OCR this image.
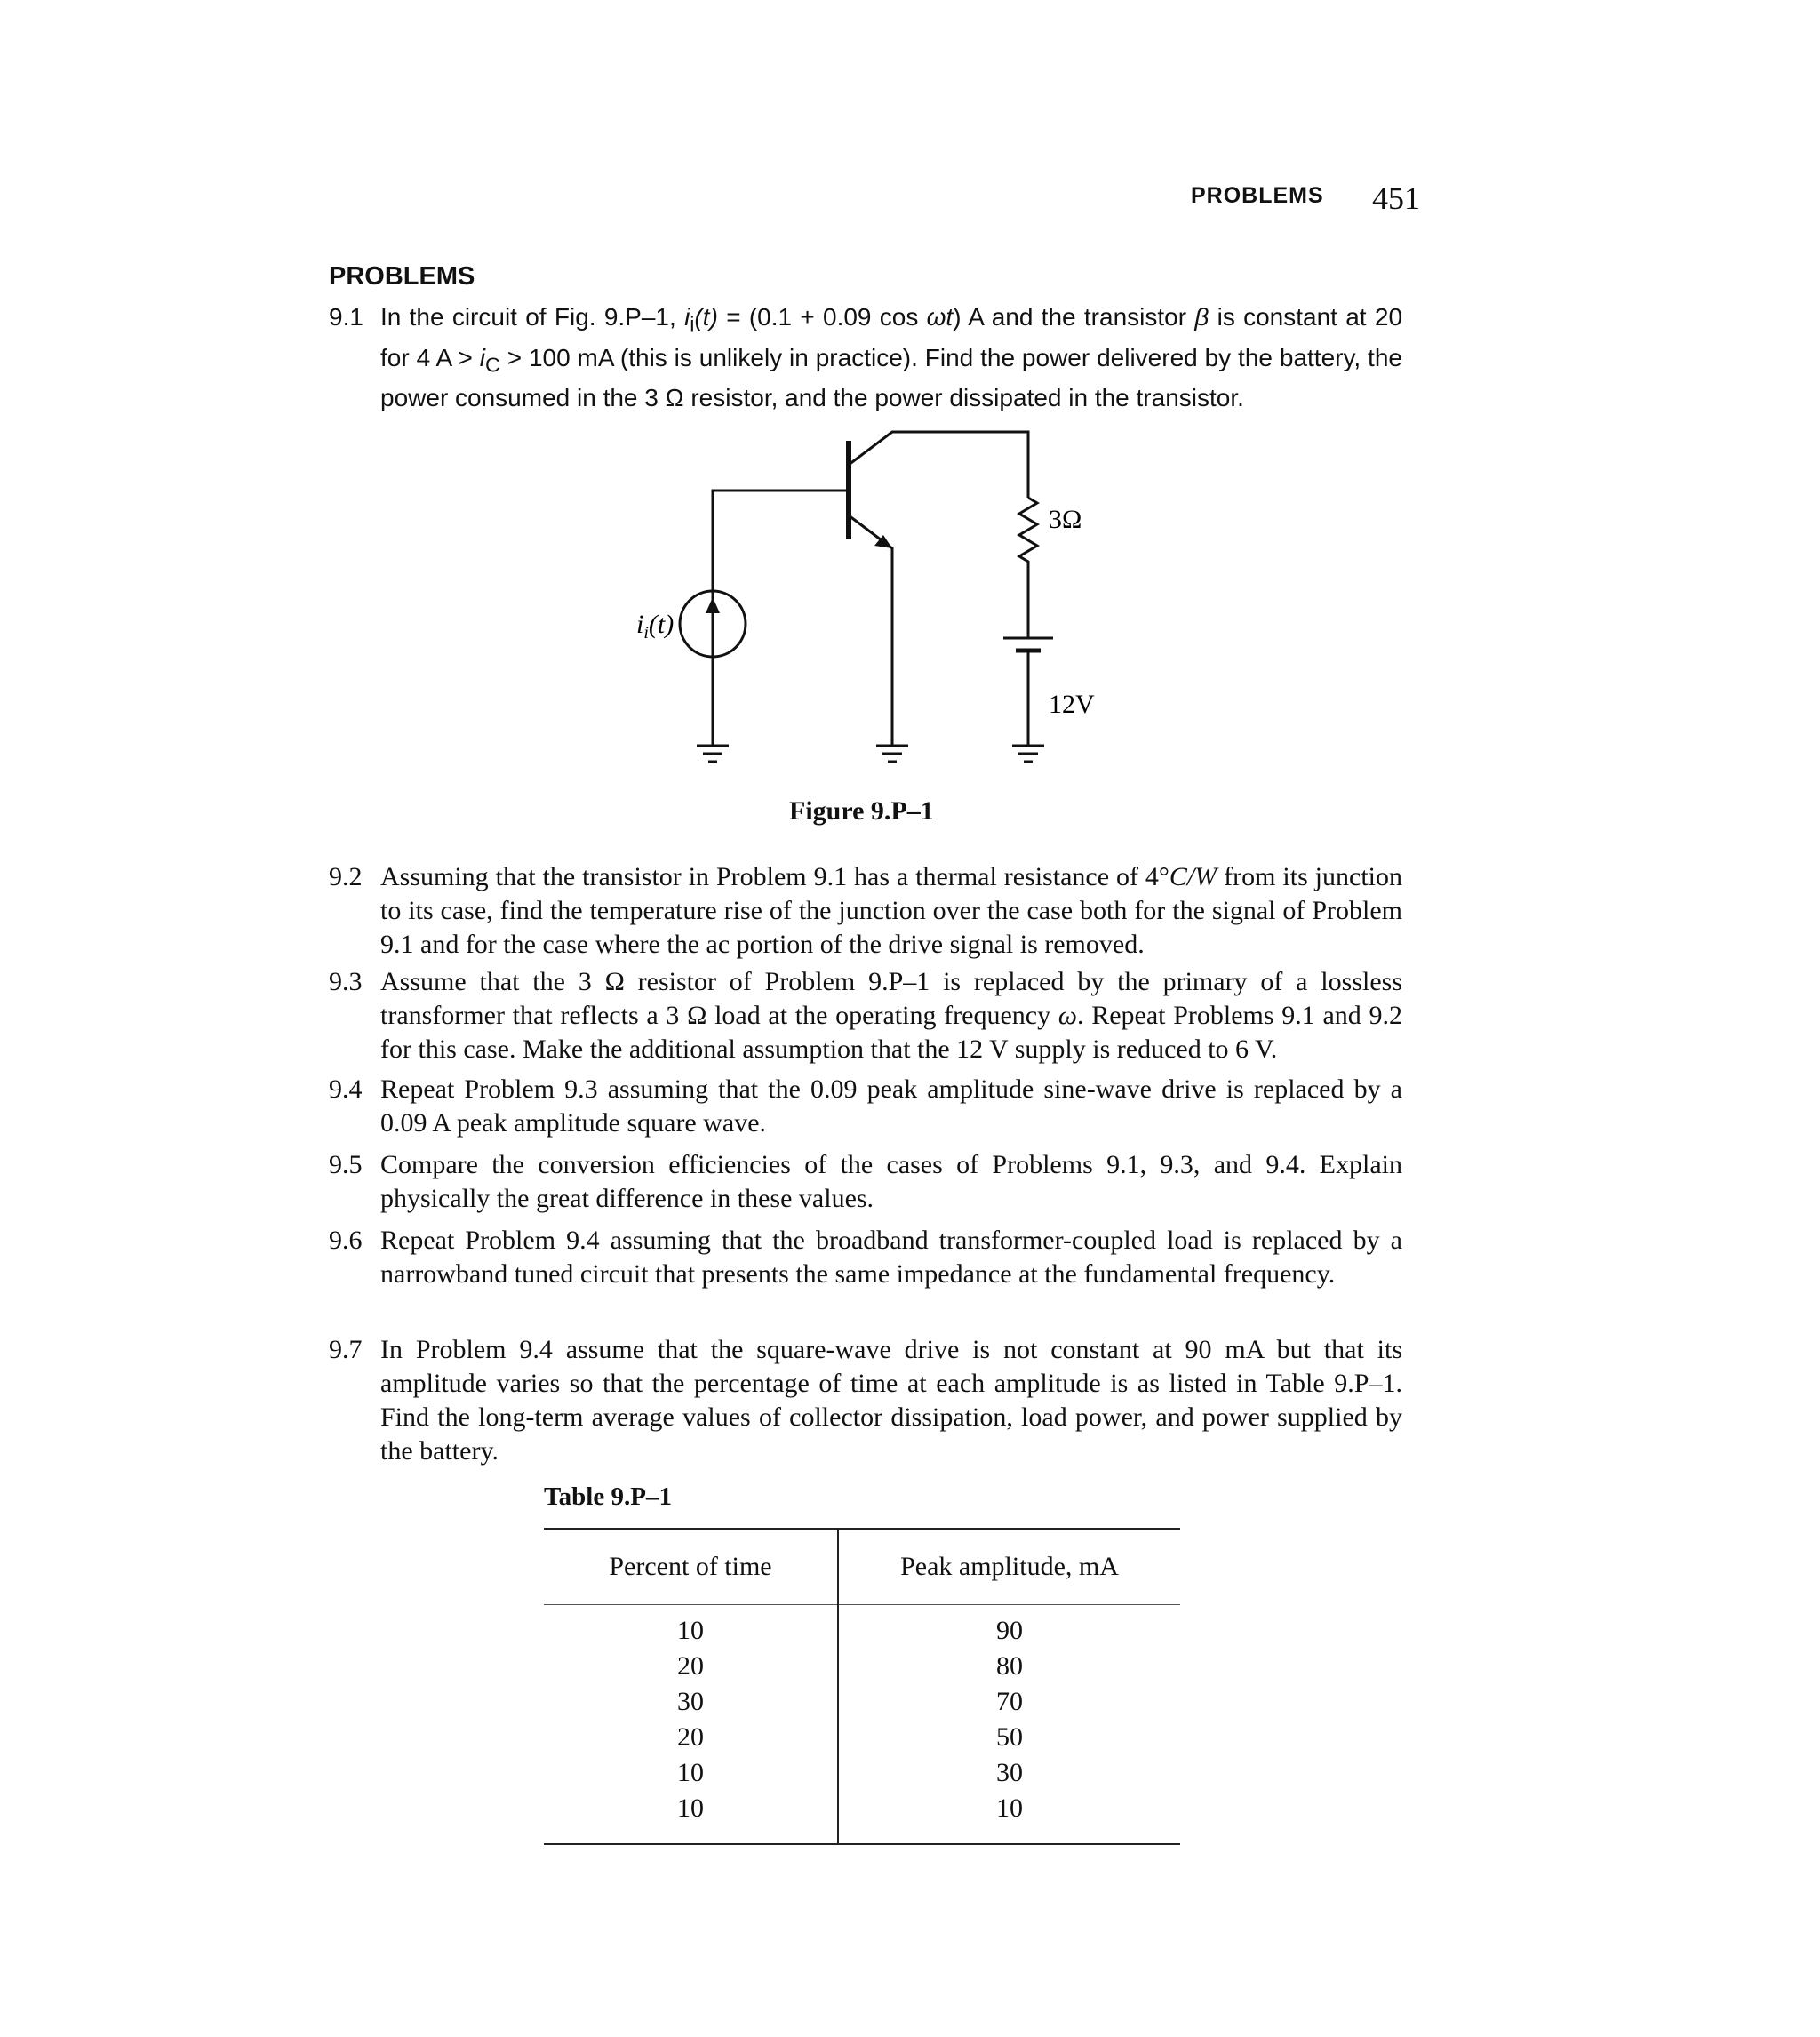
PROBLEMS 451
PROBLEMS
9.1 In the circuit of Fig. 9.P–1, $i_i(t) = (0.1 + 0.09$ cos ωt) A and the transistor β is constant at 20 for 4 $A > i_C > 100$ mA (this is unlikely in practice). Find the power delivered by the battery, the power consumed in the 3 Ω resistor, and the power dissipated in the transistor.
$i_i(t)$
3Ω
12V
Figure 9.P–1
9.2 Assuming that the transistor in Problem 9.1 has a thermal resistance of 4°C/W from its junction to its case, find the temperature rise of the junction over the case both for the signal of Problem 9.1 and for the case where the ac portion of the drive signal is removed.
9.3 Assume that the 3 Ω resistor of Problem 9.P–1 is replaced by the primary of a lossless transformer that reflects a 3 Ω load at the operating frequency ω. Repeat Problems 9.1 and 9.2 for this case. Make the additional assumption that the 12 V supply is reduced to 6 V.
9.4 Repeat Problem 9.3 assuming that the 0.09 peak amplitude sine-wave drive is replaced by a 0.09 A peak amplitude square wave.
9.5 Compare the conversion efficiencies of the cases of Problems 9.1, 9.3, and 9.4. Explain physically the great difference in these values.
9.6 Repeat Problem 9.4 assuming that the broadband transformer-coupled load is replaced by a narrowband tuned circuit that presents the same impedance at the fundamental frequency.
9.7 In Problem 9.4 assume that the square-wave drive is not constant at 90 mA but that its amplitude varies so that the percentage of time at each amplitude is as listed in Table 9.P–1. Find the long-term average values of collector dissipation, load power, and power supplied by the battery.
Table 9.P–1
Percent of time	Peak amplitude, mA
10	90
20	80
30	70
20	50
10	30
10	10
